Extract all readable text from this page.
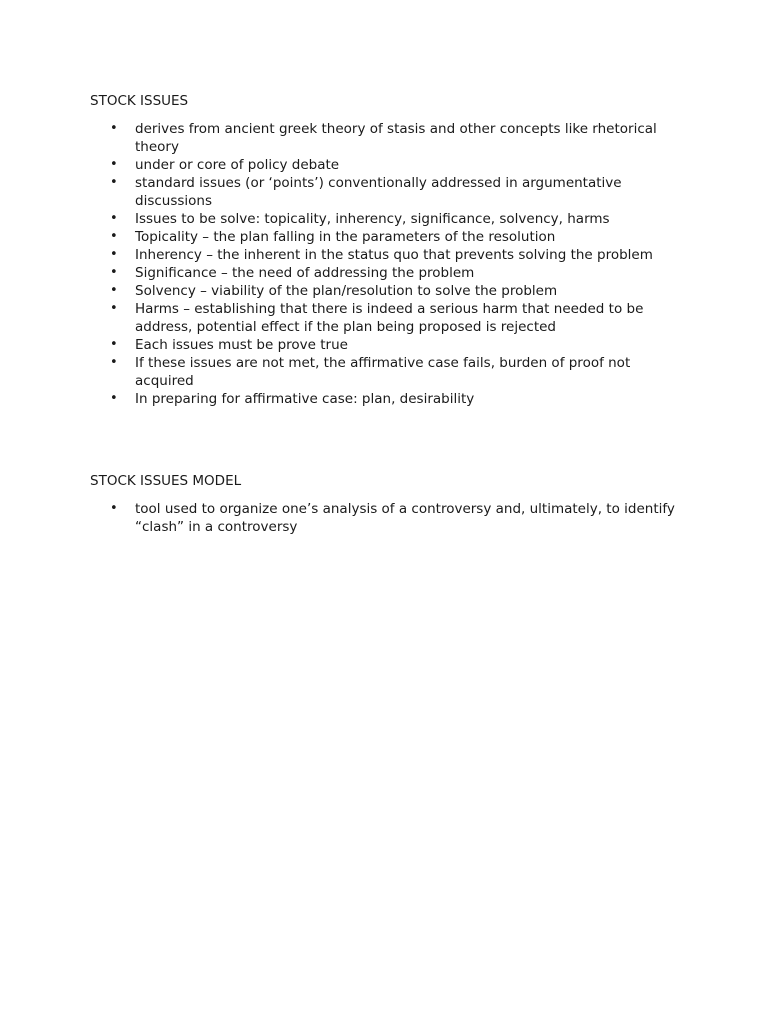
STOCK ISSUES

• derives from ancient greek theory of stasis and other concepts like rhetorical theory
• under or core of policy debate
• standard issues (or ‘points’) conventionally addressed in argumentative discussions
• Issues to be solve: topicality, inherency, significance, solvency, harms
• Topicality – the plan falling in the parameters of the resolution
• Inherency – the inherent in the status quo that prevents solving the problem
• Significance – the need of addressing the problem
• Solvency – viability of the plan/resolution to solve the problem
• Harms – establishing that there is indeed a serious harm that needed to be address, potential effect if the plan being proposed is rejected
• Each issues must be prove true
• If these issues are not met, the affirmative case fails, burden of proof not acquired
• In preparing for affirmative case: plan, desirability

STOCK ISSUES MODEL

• tool used to organize one’s analysis of a controversy and, ultimately, to identify “clash” in a controversy
